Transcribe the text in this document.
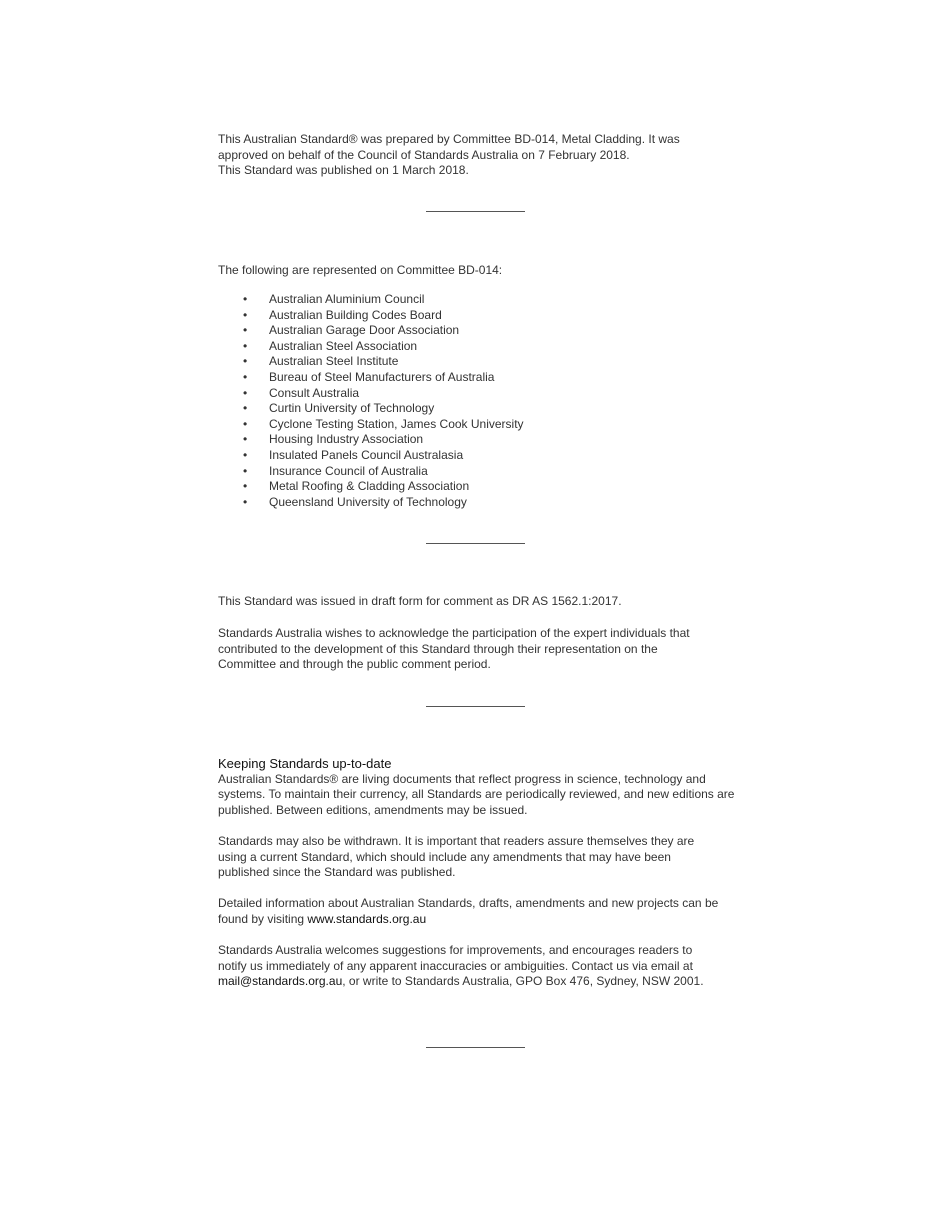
This Australian Standard® was prepared by Committee BD-014, Metal Cladding. It was
approved on behalf of the Council of Standards Australia on 7 February 2018.
This Standard was published on 1 March 2018.

The following are represented on Committee BD-014:

• Australian Aluminium Council
• Australian Building Codes Board
• Australian Garage Door Association
• Australian Steel Association
• Australian Steel Institute
• Bureau of Steel Manufacturers of Australia
• Consult Australia
• Curtin University of Technology
• Cyclone Testing Station, James Cook University
• Housing Industry Association
• Insulated Panels Council Australasia
• Insurance Council of Australia
• Metal Roofing & Cladding Association
• Queensland University of Technology

This Standard was issued in draft form for comment as DR AS 1562.1:2017.

Standards Australia wishes to acknowledge the participation of the expert individuals that contributed to the development of this Standard through their representation on the Committee and through the public comment period.

Keeping Standards up-to-date

Australian Standards® are living documents that reflect progress in science, technology and systems. To maintain their currency, all Standards are periodically reviewed, and new editions are published. Between editions, amendments may be issued.

Standards may also be withdrawn. It is important that readers assure themselves they are using a current Standard, which should include any amendments that may have been published since the Standard was published.

Detailed information about Australian Standards, drafts, amendments and new projects can be found by visiting www.standards.org.au

Standards Australia welcomes suggestions for improvements, and encourages readers to notify us immediately of any apparent inaccuracies or ambiguities. Contact us via email at mail@standards.org.au, or write to Standards Australia, GPO Box 476, Sydney, NSW 2001.
